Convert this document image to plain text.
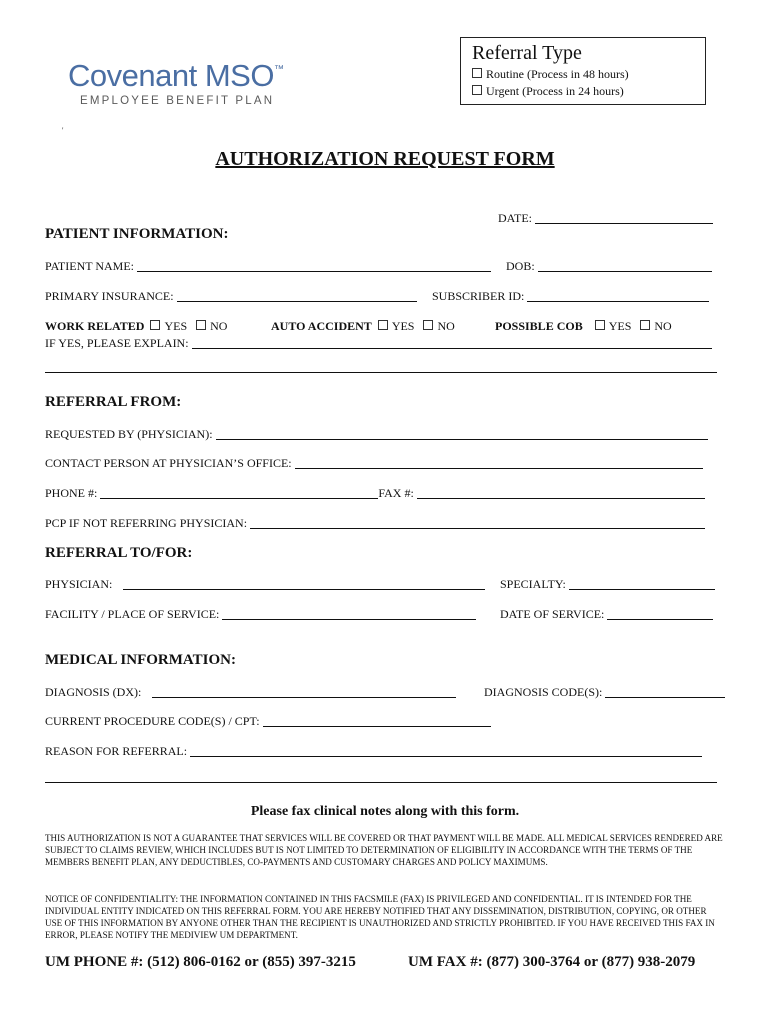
Covenant MSO™
EMPLOYEE BENEFIT PLAN
'
Referral Type
Routine (Process in 48 hours)
Urgent (Process in 24 hours)
AUTHORIZATION REQUEST FORM
DATE:
PATIENT INFORMATION:
PATIENT NAME:	DOB:
PRIMARY INSURANCE:	SUBSCRIBER ID:
WORK RELATED YES NO	AUTO ACCIDENT YES NO	POSSIBLE COB YES NO
IF YES, PLEASE EXPLAIN:
REFERRAL FROM:
REQUESTED BY (PHYSICIAN):
CONTACT PERSON AT PHYSICIAN’S OFFICE:
PHONE #:	FAX #:
PCP IF NOT REFERRING PHYSICIAN:
REFERRAL TO/FOR:
PHYSICIAN:	SPECIALTY:
FACILITY / PLACE OF SERVICE:	DATE OF SERVICE:
MEDICAL INFORMATION:
DIAGNOSIS (DX):	DIAGNOSIS CODE(S):
CURRENT PROCEDURE CODE(S) / CPT:
REASON FOR REFERRAL:
Please fax clinical notes along with this form.
THIS AUTHORIZATION IS NOT A GUARANTEE THAT SERVICES WILL BE COVERED OR THAT PAYMENT WILL BE MADE. ALL MEDICAL SERVICES RENDERED ARE SUBJECT TO CLAIMS REVIEW, WHICH INCLUDES BUT IS NOT LIMITED TO DETERMINATION OF ELIGIBILITY IN ACCORDANCE WITH THE TERMS OF THE MEMBERS BENEFIT PLAN, ANY DEDUCTIBLES, CO-PAYMENTS AND CUSTOMARY CHARGES AND POLICY MAXIMUMS.
NOTICE OF CONFIDENTIALITY: THE INFORMATION CONTAINED IN THIS FACSMILE (FAX) IS PRIVILEGED AND CONFIDENTIAL. IT IS INTENDED FOR THE INDIVIDUAL ENTITY INDICATED ON THIS REFERRAL FORM. YOU ARE HEREBY NOTIFIED THAT ANY DISSEMINATION, DISTRIBUTION, COPYING, OR OTHER USE OF THIS INFORMATION BY ANYONE OTHER THAN THE RECIPIENT IS UNAUTHORIZED AND STRICTLY PROHIBITED. IF YOU HAVE RECEIVED THIS FAX IN ERROR, PLEASE NOTIFY THE MEDIVIEW UM DEPARTMENT.
UM PHONE #: (512) 806-0162 or (855) 397-3215	UM FAX #: (877) 300-3764 or (877) 938-2079
